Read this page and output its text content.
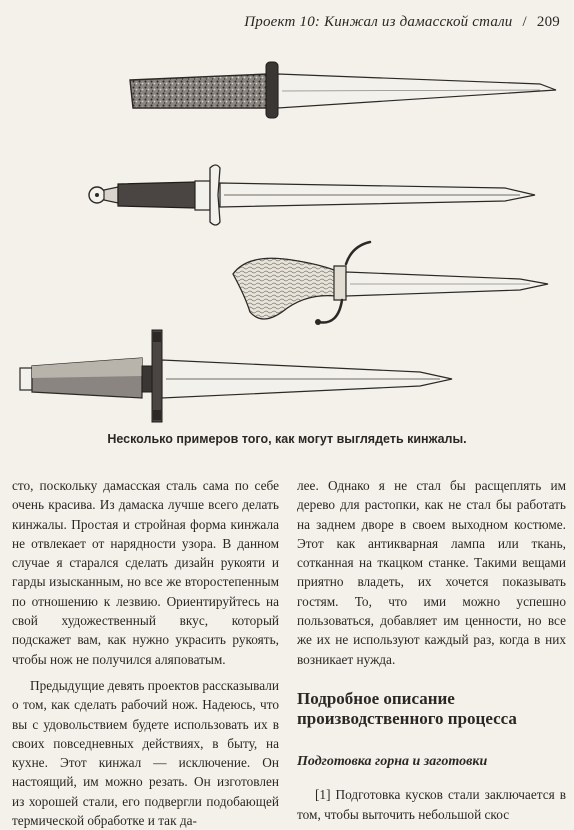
Проект 10: Кинжал из дамасской стали / 209
Несколько примеров того, как могут выглядеть кинжалы.

сто, поскольку дамасская сталь сама по себе очень красива. Из дамаска лучше всего делать кинжалы. Простая и стройная форма кинжала не отвлекает от нарядности узора. В данном случае я старался сделать дизайн рукояти и гарды изысканным, но все же второстепенным по отношению к лезвию. Ориентируйтесь на свой художественный вкус, который подскажет вам, как нужно украсить рукоять, чтобы нож не получился аляповатым.

Предыдущие девять проектов рассказывали о том, как сделать рабочий нож. Надеюсь, что вы с удовольствием будете использовать их в своих повседневных действиях, в быту, на кухне. Этот кинжал — исключение. Он настоящий, им можно резать. Он изготовлен из хорошей стали, его подвергли подобающей термической обработке и так да-

лее. Однако я не стал бы расщеплять им дерево для растопки, как не стал бы работать на заднем дворе в своем выходном костюме. Этот как антикварная лампа или ткань, сотканная на ткацком станке. Такими вещами приятно владеть, их хочется показывать гостям. То, что ими можно успешно пользоваться, добавляет им ценности, но все же их не используют каждый раз, когда в них возникает нужда.

Подробное описание производственного процесса
Подготовка горна и заготовки

[1] Подготовка кусков стали заключается в том, чтобы выточить небольшой скос
